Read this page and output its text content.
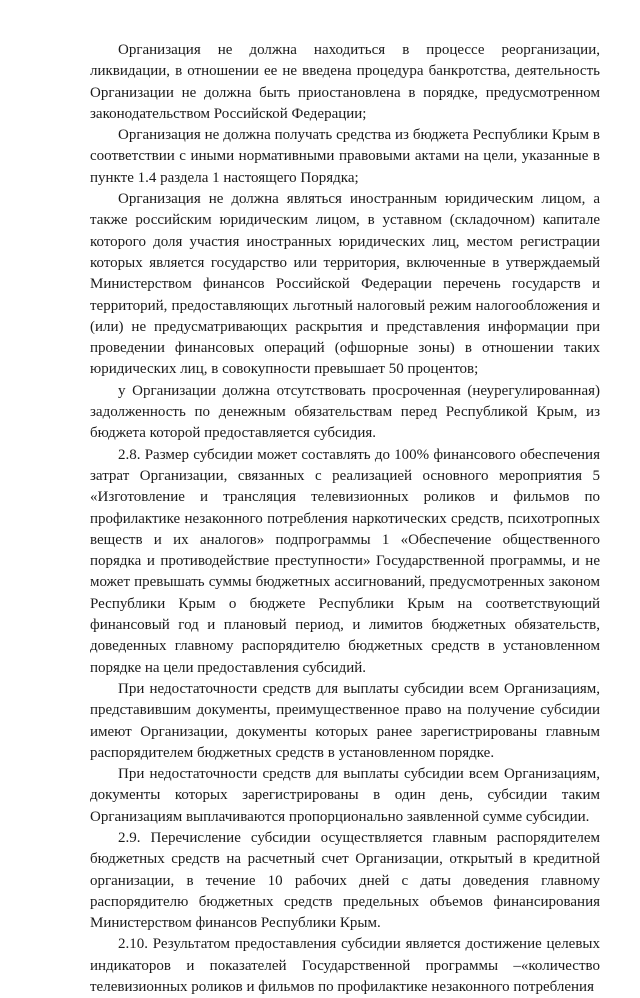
Организация не должна находиться в процессе реорганизации, ликвидации, в отношении ее не введена процедура банкротства, деятельность Организации не должна быть приостановлена в порядке, предусмотренном законодательством Российской Федерации;

Организация не должна получать средства из бюджета Республики Крым в соответствии с иными нормативными правовыми актами на цели, указанные в пункте 1.4 раздела 1 настоящего Порядка;

Организация не должна являться иностранным юридическим лицом, а также российским юридическим лицом, в уставном (складочном) капитале которого доля участия иностранных юридических лиц, местом регистрации которых является государство или территория, включенные в утверждаемый Министерством финансов Российской Федерации перечень государств и территорий, предоставляющих льготный налоговый режим налогообложения и (или) не предусматривающих раскрытия и представления информации при проведении финансовых операций (офшорные зоны) в отношении таких юридических лиц, в совокупности превышает 50 процентов;

у Организации должна отсутствовать просроченная (неурегулированная) задолженность по денежным обязательствам перед Республикой Крым, из бюджета которой предоставляется субсидия.

2.8. Размер субсидии может составлять до 100% финансового обеспечения затрат Организации, связанных с реализацией основного мероприятия 5 «Изготовление и трансляция телевизионных роликов и фильмов по профилактике незаконного потребления наркотических средств, психотропных веществ и их аналогов» подпрограммы 1 «Обеспечение общественного порядка и противодействие преступности» Государственной программы, и не может превышать суммы бюджетных ассигнований, предусмотренных законом Республики Крым о бюджете Республики Крым на соответствующий финансовый год и плановый период, и лимитов бюджетных обязательств, доведенных главному распорядителю бюджетных средств в установленном порядке на цели предоставления субсидий.

При недостаточности средств для выплаты субсидии всем Организациям, представившим документы, преимущественное право на получение субсидии имеют Организации, документы которых ранее зарегистрированы главным распорядителем бюджетных средств в установленном порядке.

При недостаточности средств для выплаты субсидии всем Организациям, документы которых зарегистрированы в один день, субсидии таким Организациям выплачиваются пропорционально заявленной сумме субсидии.

2.9. Перечисление субсидии осуществляется главным распорядителем бюджетных средств на расчетный счет Организации, открытый в кредитной организации, в течение 10 рабочих дней с даты доведения главному распорядителю бюджетных средств предельных объемов финансирования Министерством финансов Республики Крым.

2.10. Результатом предоставления субсидии является достижение целевых индикаторов и показателей Государственной программы –«количество телевизионных роликов и фильмов по профилактике незаконного потребления
